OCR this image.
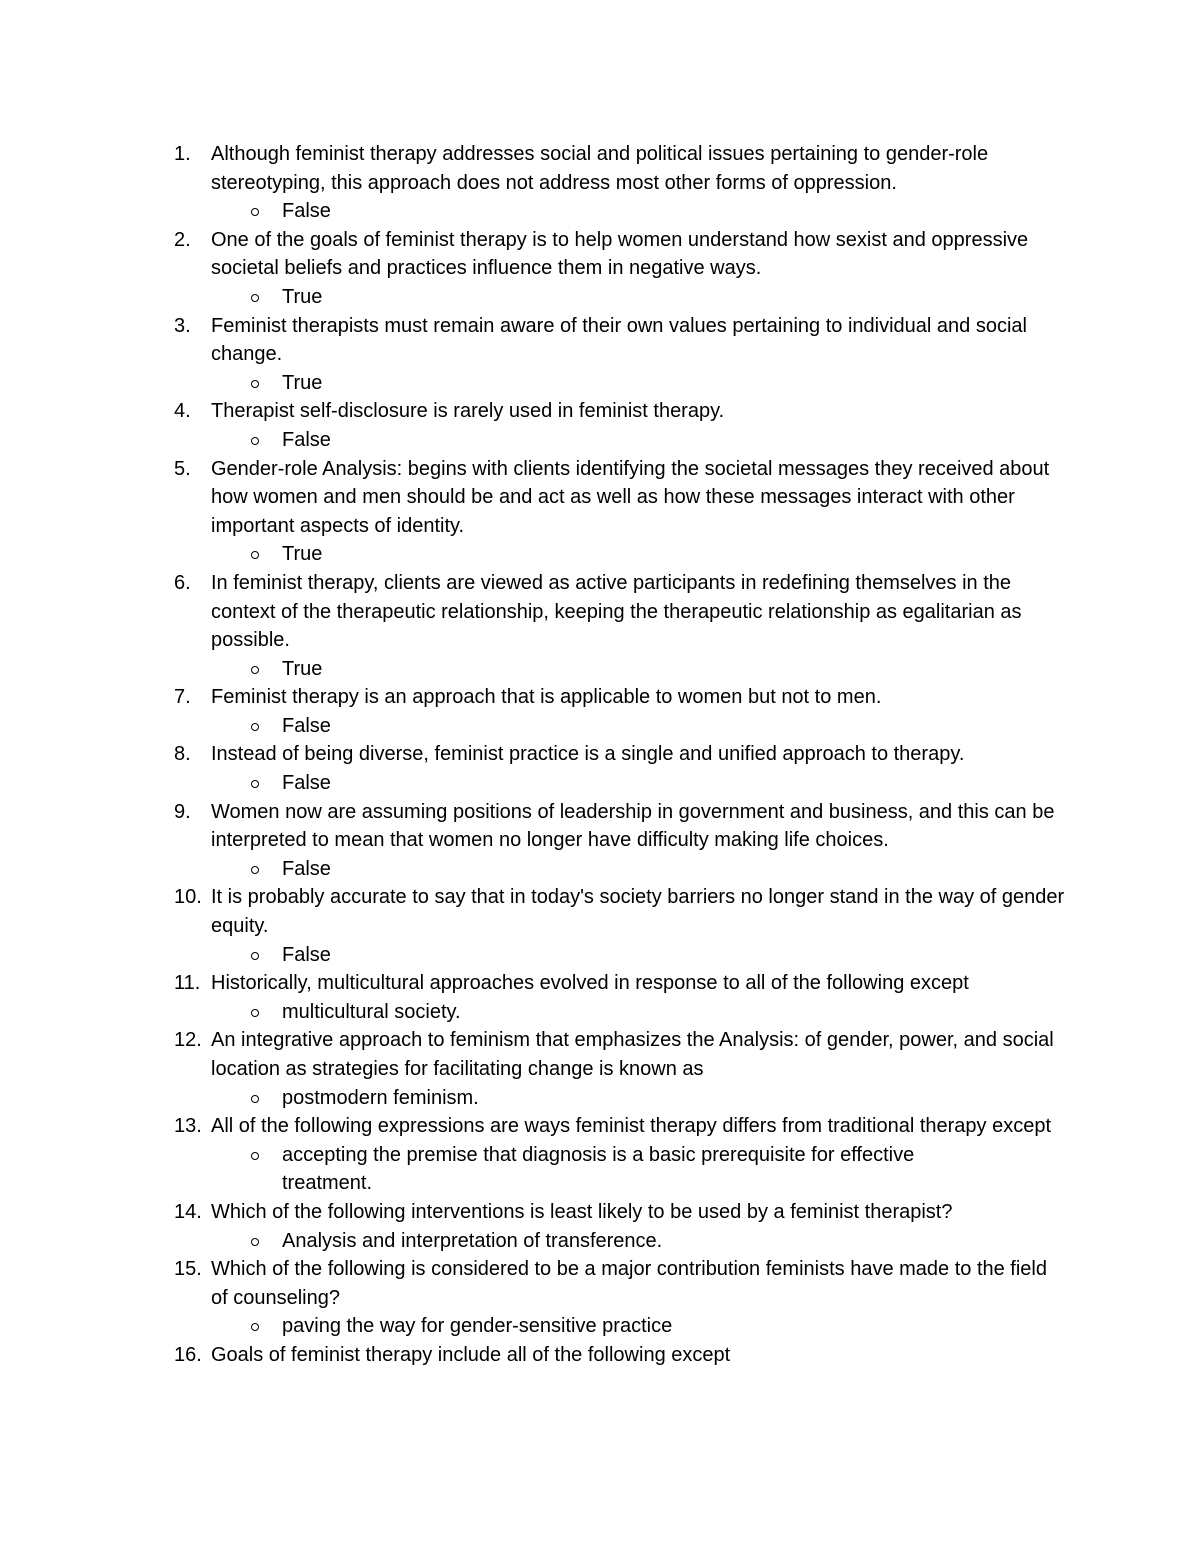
1. Although feminist therapy addresses social and political issues pertaining to gender-role stereotyping, this approach does not address most other forms of oppression.
False
2. One of the goals of feminist therapy is to help women understand how sexist and oppressive societal beliefs and practices influence them in negative ways.
True
3. Feminist therapists must remain aware of their own values pertaining to individual and social change.
True
4. Therapist self-disclosure is rarely used in feminist therapy.
False
5. Gender-role Analysis: begins with clients identifying the societal messages they received about how women and men should be and act as well as how these messages interact with other important aspects of identity.
True
6. In feminist therapy, clients are viewed as active participants in redefining themselves in the context of the therapeutic relationship, keeping the therapeutic relationship as egalitarian as possible.
True
7. Feminist therapy is an approach that is applicable to women but not to men.
False
8. Instead of being diverse, feminist practice is a single and unified approach to therapy.
False
9. Women now are assuming positions of leadership in government and business, and this can be interpreted to mean that women no longer have difficulty making life choices.
False
10. It is probably accurate to say that in today's society barriers no longer stand in the way of gender equity.
False
11. Historically, multicultural approaches evolved in response to all of the following except
multicultural society.
12. An integrative approach to feminism that emphasizes the Analysis: of gender, power, and social location as strategies for facilitating change is known as
postmodern feminism.
13. All of the following expressions are ways feminist therapy differs from traditional therapy except
accepting the premise that diagnosis is a basic prerequisite for effective treatment.
14. Which of the following interventions is least likely to be used by a feminist therapist?
Analysis and interpretation of transference.
15. Which of the following is considered to be a major contribution feminists have made to the field of counseling?
paving the way for gender-sensitive practice
16. Goals of feminist therapy include all of the following except
